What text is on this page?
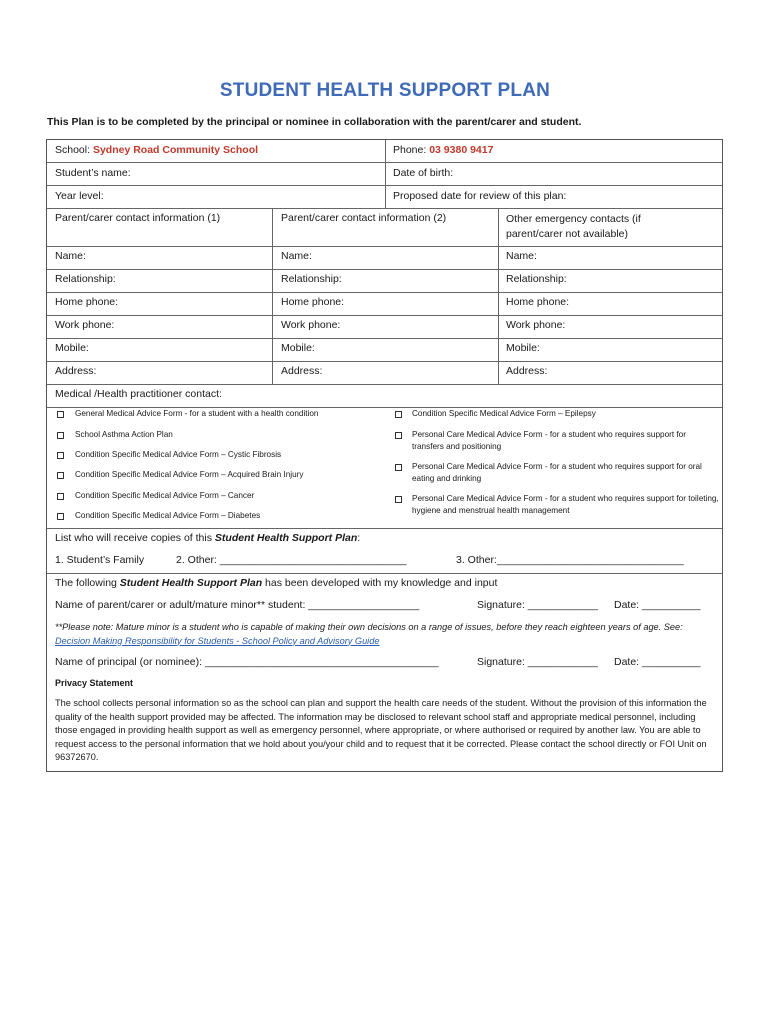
STUDENT HEALTH SUPPORT PLAN
This Plan is to be completed by the principal or nominee in collaboration with the parent/carer and student.
School: Sydney Road Community School	Phone: 03 9380 9417
Student’s name:	Date of birth:
Year level:	Proposed date for review of this plan:
Parent/carer contact information (1)	Parent/carer contact information (2)	Other emergency contacts (if parent/carer not available)
Name:	Name:	Name:
Relationship:	Relationship:	Relationship:
Home phone:	Home phone:	Home phone:
Work phone:	Work phone:	Work phone:
Mobile:	Mobile:	Mobile:
Address:	Address:	Address:
Medical /Health practitioner contact:
General Medical Advice Form - for a student with a health condition
School Asthma Action Plan
Condition Specific Medical Advice Form – Cystic Fibrosis
Condition Specific Medical Advice Form – Acquired Brain Injury
Condition Specific Medical Advice Form – Cancer
Condition Specific Medical Advice Form – Diabetes
Condition Specific Medical Advice Form – Epilepsy
Personal Care Medical Advice Form - for a student who requires support for transfers and positioning
Personal Care Medical Advice Form - for a student who requires support for oral eating and drinking
Personal Care Medical Advice Form - for a student who requires support for toileting, hygiene and menstrual health management
List who will receive copies of this Student Health Support Plan:
1. Student’s Family	2. Other: ________________________________	3. Other:________________________________
The following Student Health Support Plan has been developed with my knowledge and input
Name of parent/carer or adult/mature minor** student: ___________________	Signature: ____________ Date: __________
**Please note: Mature minor is a student who is capable of making their own decisions on a range of issues, before they reach eighteen years of age. See: Decision Making Responsibility for Students - School Policy and Advisory Guide
Name of principal (or nominee): ________________________________________	Signature: ____________ Date: __________
Privacy Statement
The school collects personal information so as the school can plan and support the health care needs of the student. Without the provision of this information the quality of the health support provided may be affected. The information may be disclosed to relevant school staff and appropriate medical personnel, including those engaged in providing health support as well as emergency personnel, where appropriate, or where authorised or required by another law. You are able to request access to the personal information that we hold about you/your child and to request that it be corrected. Please contact the school directly or FOI Unit on 96372670.
